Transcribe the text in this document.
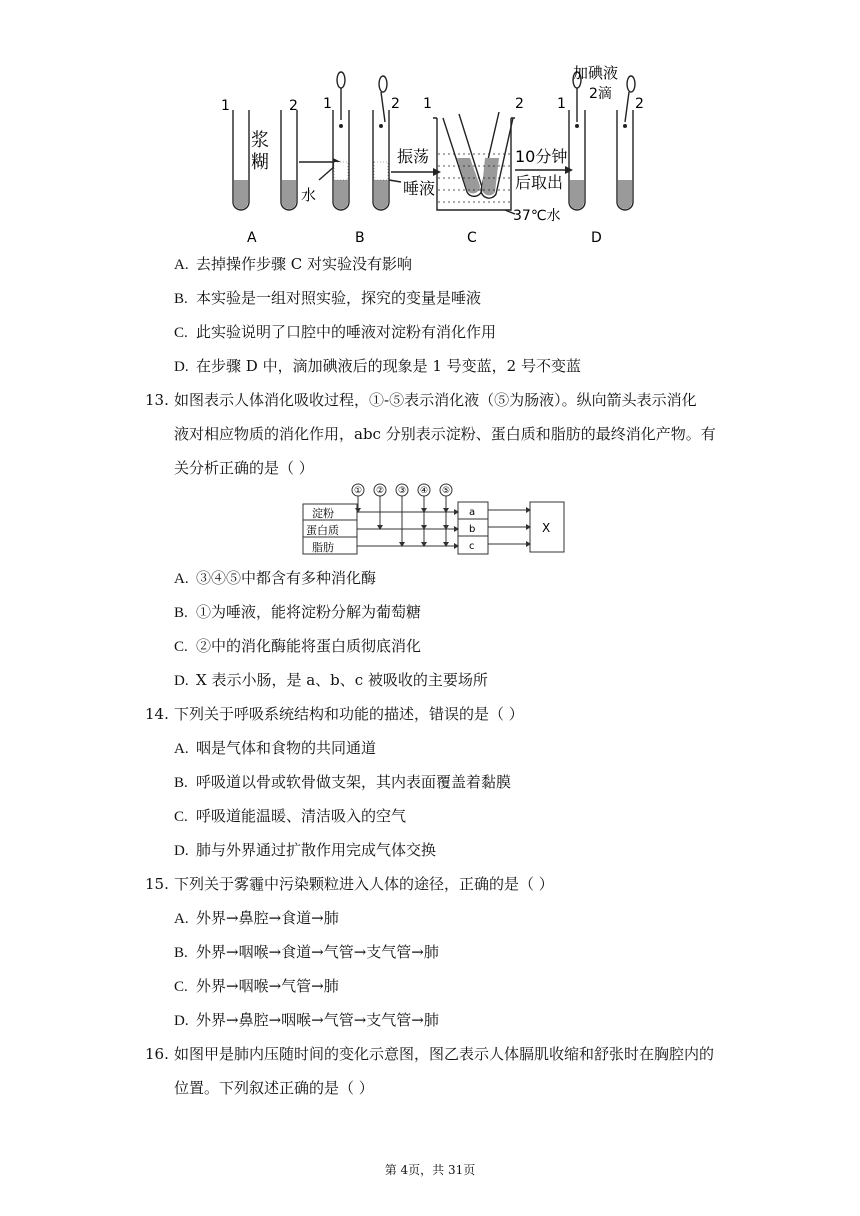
1	2 1	2 1	2 1	2
浆
糊
水
振荡
唾液
10分钟
后取出
37℃水
加碘液
2滴
A	B	C	D
A. 去掉操作步骤 C 对实验没有影响
B. 本实验是一组对照实验，探究的变量是唾液
C. 此实验说明了口腔中的唾液对淀粉有消化作用
D. 在步骤 D 中，滴加碘液后的现象是 1 号变蓝，2 号不变蓝
13. 如图表示人体消化吸收过程，①-⑤表示消化液（⑤为肠液）。纵向箭头表示消化
液对相应物质的消化作用，abc 分别表示淀粉、蛋白质和脂肪的最终消化产物。有
关分析正确的是（ ）
① ② ③ ④ ⑤
淀粉
蛋白质
脂肪
a
b
c
X
A. ③④⑤中都含有多种消化酶
B. ①为唾液，能将淀粉分解为葡萄糖
C. ②中的消化酶能将蛋白质彻底消化
D. X 表示小肠，是 a、b、c 被吸收的主要场所
14. 下列关于呼吸系统结构和功能的描述，错误的是（ ）
A. 咽是气体和食物的共同通道
B. 呼吸道以骨或软骨做支架，其内表面覆盖着黏膜
C. 呼吸道能温暖、清洁吸入的空气
D. 肺与外界通过扩散作用完成气体交换
15. 下列关于雾霾中污染颗粒进入人体的途径，正确的是（ ）
A. 外界→鼻腔→食道→肺
B. 外界→咽喉→食道→气管→支气管→肺
C. 外界→咽喉→气管→肺
D. 外界→鼻腔→咽喉→气管→支气管→肺
16. 如图甲是肺内压随时间的变化示意图，图乙表示人体膈肌收缩和舒张时在胸腔内的
位置。下列叙述正确的是（ ）
第 4页，共 31页
